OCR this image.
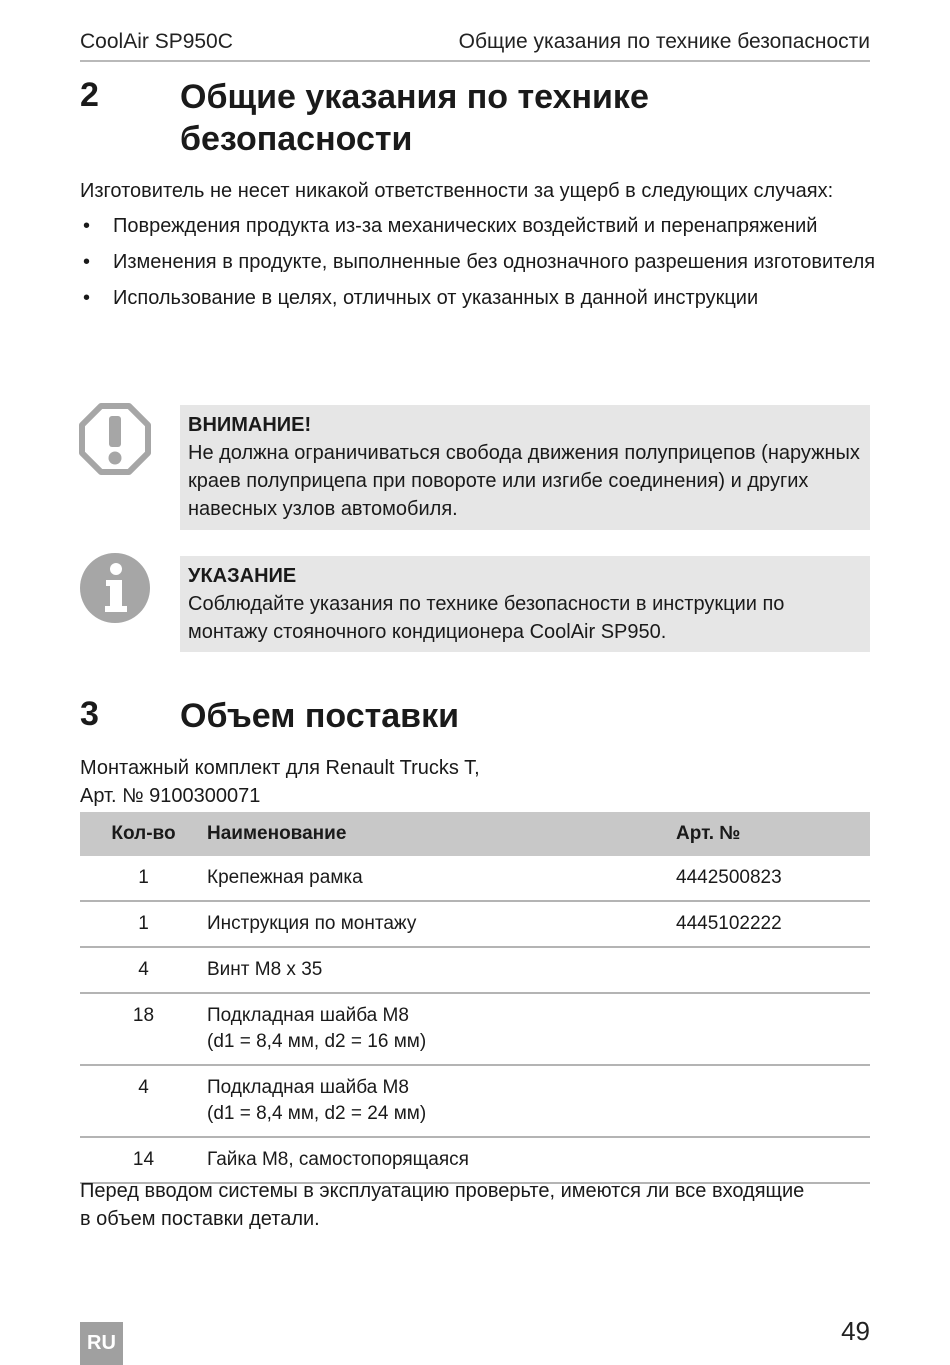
CoolAir SP950C	Общие указания по технике безопасности
2 Общие указания по технике
безопасности
Изготовитель не несет никакой ответственности за ущерб в следующих случаях:
• Повреждения продукта из-за механических воздействий и перенапряжений
• Изменения в продукте, выполненные без однозначного разрешения изготовителя
• Использование в целях, отличных от указанных в данной инструкции
ВНИМАНИЕ!
Не должна ограничиваться свобода движения полуприцепов (наружных краев полуприцепа при повороте или изгибе соединения) и других навесных узлов автомобиля.
УКАЗАНИЕ
Соблюдайте указания по технике безопасности в инструкции по монтажу стояночного кондиционера CoolAir SP950.
3 Объем поставки
Монтажный комплект для Renault Trucks T,
Арт. № 9100300071
Кол-во	Наименование	Арт. №
1	Крепежная рамка	4442500823
1	Инструкция по монтажу	4445102222
4	Винт M8 x 35	

18	Подкладная шайба M8
(d1 = 8,4 мм, d2 = 16 мм)	

4	Подкладная шайба M8
(d1 = 8,4 мм, d2 = 24 мм)	

14	Гайка M8, самостопорящаяся	

Перед вводом системы в эксплуатацию проверьте, имеются ли все входящие
в объем поставки детали.
RU	49
